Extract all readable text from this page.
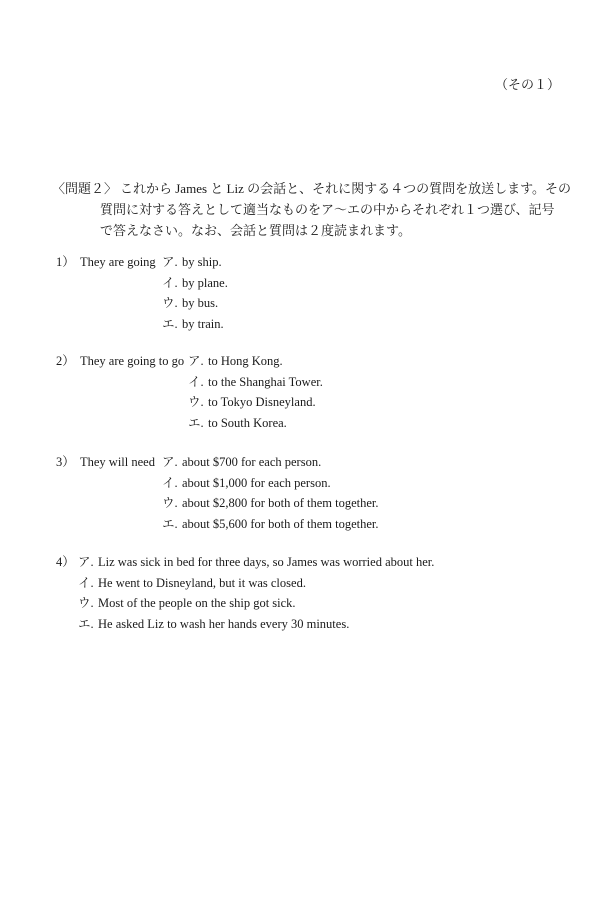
（その１）
〈問題２〉 これから James と Liz の会話と、それに関する４つの質問を放送します。その
質問に対する答えとして適当なものをア～エの中からそれぞれ１つ選び、記号
で答えなさい。なお、会話と質問は２度読まれます。
1） They are going ア. by ship.
イ. by plane.
ウ. by bus.
エ. by train.
2） They are going to go ア. to Hong Kong.
イ. to the Shanghai Tower.
ウ. to Tokyo Disneyland.
エ. to South Korea.
3） They will need ア. about $700 for each person.
イ. about $1,000 for each person.
ウ. about $2,800 for both of them together.
エ. about $5,600 for both of them together.
4） ア. Liz was sick in bed for three days, so James was worried about her.
イ. He went to Disneyland, but it was closed.
ウ. Most of the people on the ship got sick.
エ. He asked Liz to wash her hands every 30 minutes.
